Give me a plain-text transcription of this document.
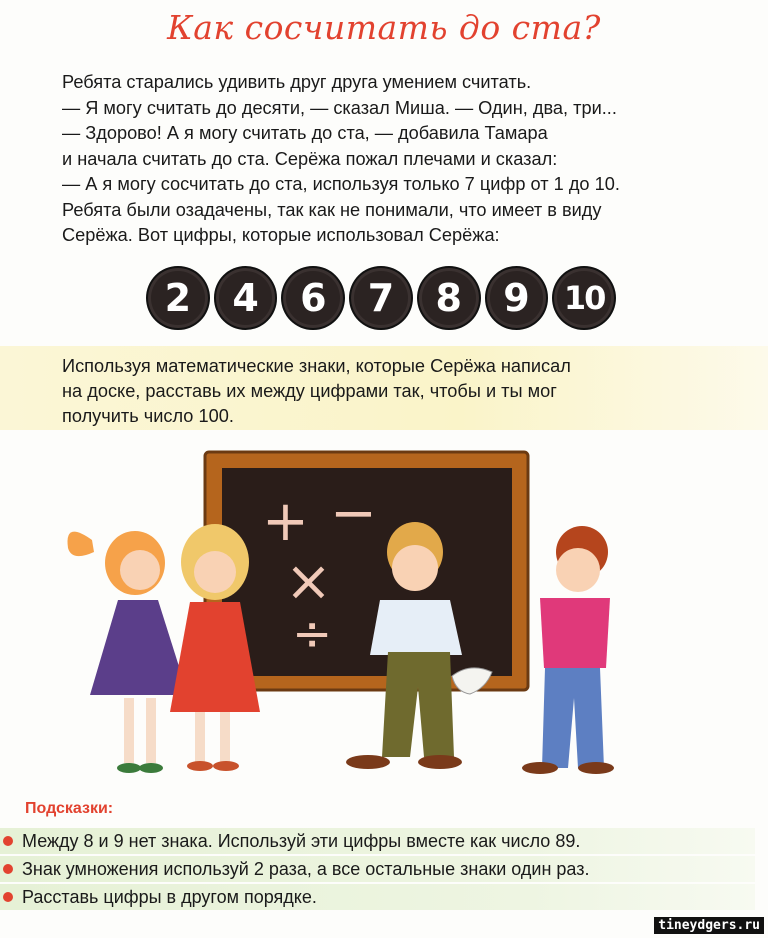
Как сосчитать до ста?
Ребята старались удивить друг друга умением считать.
— Я могу считать до десяти, — сказал Миша. — Один, два, три...
— Здорово! А я могу считать до ста, — добавила Тамара
и начала считать до ста. Серёжа пожал плечами и сказал:
— А я могу сосчитать до ста, используя только 7 цифр от 1 до 10.
Ребята были озадачены, так как не понимали, что имеет в виду
Серёжа. Вот цифры, которые использовал Серёжа:
2	4	6	7	8	9	10
Используя математические знаки, которые Серёжа написал
на доске, расставь их между цифрами так, чтобы и ты мог
получить число 100.
+ −
×
÷
Подсказки:
Между 8 и 9 нет знака. Используй эти цифры вместе как число 89.
Знак умножения используй 2 раза, а все остальные знаки один раз.
Расставь цифры в другом порядке.
tineydgers.ru
